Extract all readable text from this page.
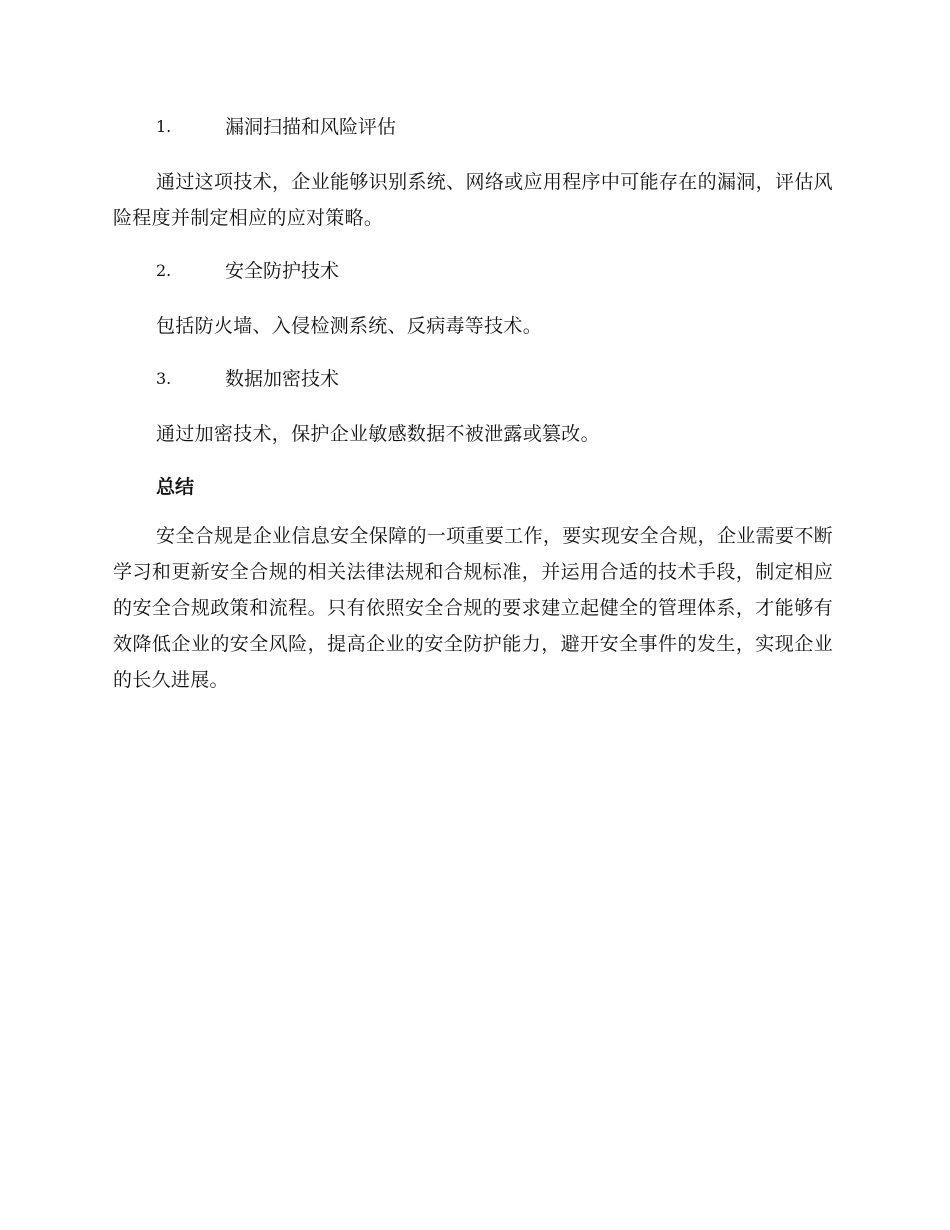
1.	漏洞扫描和风险评估

通过这项技术，企业能够识别系统、网络或应用程序中可能存在的漏洞，评估风险程度并制定相应的应对策略。

2.	安全防护技术

包括防火墙、入侵检测系统、反病毒等技术。

3.	数据加密技术

通过加密技术，保护企业敏感数据不被泄露或篡改。

总结

安全合规是企业信息安全保障的一项重要工作，要实现安全合规，企业需要不断学习和更新安全合规的相关法律法规和合规标准，并运用合适的技术手段，制定相应的安全合规政策和流程。只有依照安全合规的要求建立起健全的管理体系，才能够有效降低企业的安全风险，提高企业的安全防护能力，避开安全事件的发生，实现企业的长久进展。
